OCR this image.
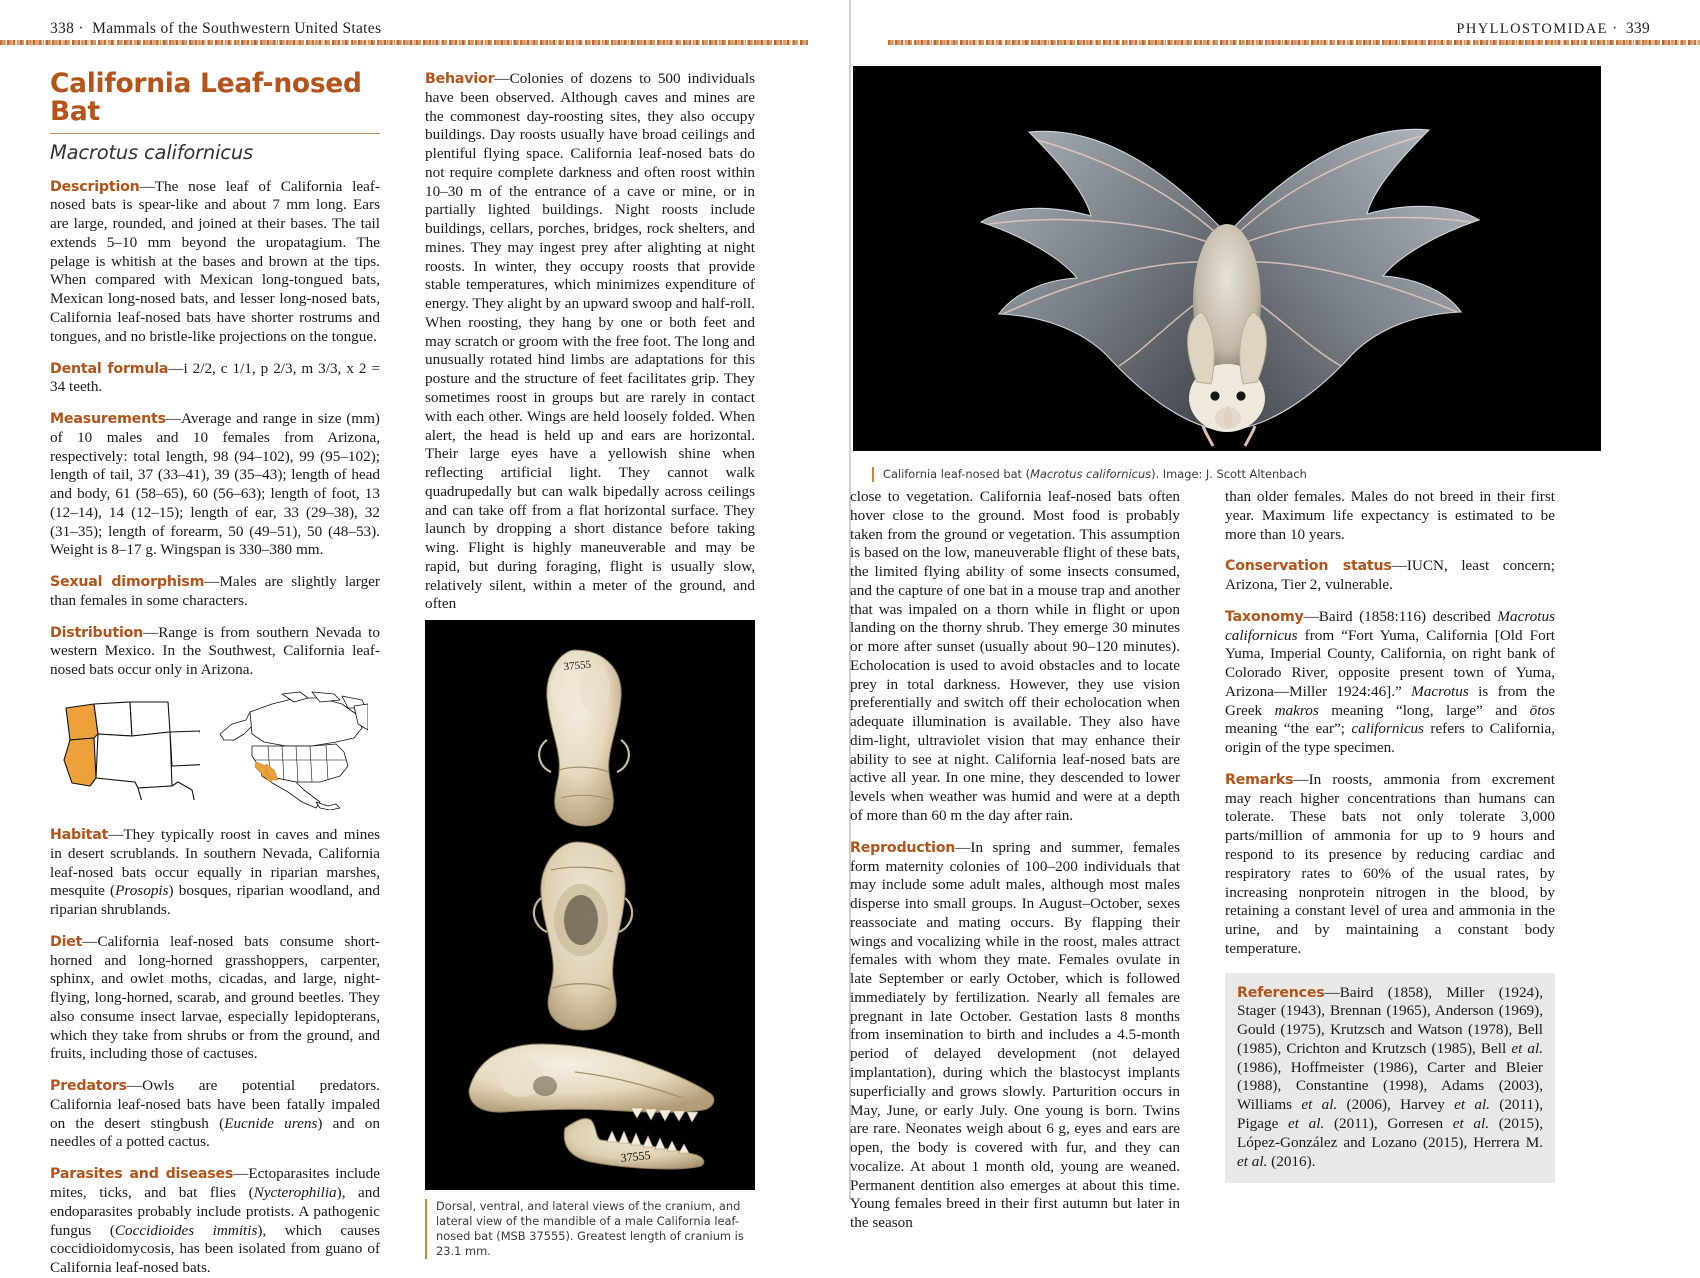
338 · Mammals of the Southwestern United States
California Leaf-nosed Bat
Macrotus californicus

Description—The nose leaf of California leaf-nosed bats is spear-like and about 7 mm long. Ears are large, rounded, and joined at their bases. The tail extends 5–10 mm beyond the uropatagium. The pelage is whitish at the bases and brown at the tips. When compared with Mexican long-tongued bats, Mexican long-nosed bats, and lesser long-nosed bats, California leaf-nosed bats have shorter rostrums and tongues, and no bristle-like projections on the tongue.

Dental formula—i 2/2, c 1/1, p 2/3, m 3/3, x 2 = 34 teeth.

Measurements—Average and range in size (mm) of 10 males and 10 females from Arizona, respectively: total length, 98 (94–102), 99 (95–102); length of tail, 37 (33–41), 39 (35–43); length of head and body, 61 (58–65), 60 (56–63); length of foot, 13 (12–14), 14 (12–15); length of ear, 33 (29–38), 32 (31–35); length of forearm, 50 (49–51), 50 (48–53). Weight is 8–17 g. Wingspan is 330–380 mm.

Sexual dimorphism—Males are slightly larger than females in some characters.

Distribution—Range is from southern Nevada to western Mexico. In the Southwest, California leaf-nosed bats occur only in Arizona.

Habitat—They typically roost in caves and mines in desert scrublands. In southern Nevada, California leaf-nosed bats occur equally in riparian marshes, mesquite (Prosopis) bosques, riparian woodland, and riparian shrublands.

Diet—California leaf-nosed bats consume short-horned and long-horned grasshoppers, carpenter, sphinx, and owlet moths, cicadas, and large, night-flying, long-horned, scarab, and ground beetles. They also consume insect larvae, especially lepidopterans, which they take from shrubs or from the ground, and fruits, including those of cactuses.

Predators—Owls are potential predators. California leaf-nosed bats have been fatally impaled on the desert stingbush (Eucnide urens) and on needles of a potted cactus.

Parasites and diseases—Ectoparasites include mites, ticks, and bat flies (Nycterophilia), and endoparasites probably include protists. A pathogenic fungus (Coccidioides immitis), which causes coccidioidomycosis, has been isolated from guano of California leaf-nosed bats.

Behavior—Colonies of dozens to 500 individuals have been observed. Although caves and mines are the commonest day-roosting sites, they also occupy buildings. Day roosts usually have broad ceilings and plentiful flying space. California leaf-nosed bats do not require complete darkness and often roost within 10–30 m of the entrance of a cave or mine, or in partially lighted buildings. Night roosts include buildings, cellars, porches, bridges, rock shelters, and mines. They may ingest prey after alighting at night roosts. In winter, they occupy roosts that provide stable temperatures, which minimizes expenditure of energy. They alight by an upward swoop and half-roll. When roosting, they hang by one or both feet and may scratch or groom with the free foot. The long and unusually rotated hind limbs are adaptations for this posture and the structure of feet facilitates grip. They sometimes roost in groups but are rarely in contact with each other. Wings are held loosely folded. When alert, the head is held up and ears are horizontal. Their large eyes have a yellowish shine when reflecting artificial light. They cannot walk quadrupedally but can walk bipedally across ceilings and can take off from a flat horizontal surface. They launch by dropping a short distance before taking wing. Flight is highly maneuverable and may be rapid, but during foraging, flight is usually slow, relatively silent, within a meter of the ground, and often

37555
37555
Dorsal, ventral, and lateral views of the cranium, and lateral view of the mandible of a male California leaf-nosed bat (MSB 37555). Greatest length of cranium is 23.1 mm.
PHYLLOSTOMIDAE · 339
California leaf-nosed bat (Macrotus californicus). Image: J. Scott Altenbach

close to vegetation. California leaf-nosed bats often hover close to the ground. Most food is probably taken from the ground or vegetation. This assumption is based on the low, maneuverable flight of these bats, the limited flying ability of some insects consumed, and the capture of one bat in a mouse trap and another that was impaled on a thorn while in flight or upon landing on the thorny shrub. They emerge 30 minutes or more after sunset (usually about 90–120 minutes). Echolocation is used to avoid obstacles and to locate prey in total darkness. However, they use vision preferentially and switch off their echolocation when adequate illumination is available. They also have dim-light, ultraviolet vision that may enhance their ability to see at night. California leaf-nosed bats are active all year. In one mine, they descended to lower levels when weather was humid and were at a depth of more than 60 m the day after rain.

Reproduction—In spring and summer, females form maternity colonies of 100–200 individuals that may include some adult males, although most males disperse into small groups. In August–October, sexes reassociate and mating occurs. By flapping their wings and vocalizing while in the roost, males attract females with whom they mate. Females ovulate in late September or early October, which is followed immediately by fertilization. Nearly all females are pregnant in late October. Gestation lasts 8 months from insemination to birth and includes a 4.5-month period of delayed development (not delayed implantation), during which the blastocyst implants superficially and grows slowly. Parturition occurs in May, June, or early July. One young is born. Twins are rare. Neonates weigh about 6 g, eyes and ears are open, the body is covered with fur, and they can vocalize. At about 1 month old, young are weaned. Permanent dentition also emerges at about this time. Young females breed in their first autumn but later in the season

than older females. Males do not breed in their first year. Maximum life expectancy is estimated to be more than 10 years.

Conservation status—IUCN, least concern; Arizona, Tier 2, vulnerable.

Taxonomy—Baird (1858:116) described Macrotus californicus from “Fort Yuma, California [Old Fort Yuma, Imperial County, California, on right bank of Colorado River, opposite present town of Yuma, Arizona—Miller 1924:46].” Macrotus is from the Greek makros meaning “long, large” and ōtos meaning “the ear”; californicus refers to California, origin of the type specimen.

Remarks—In roosts, ammonia from excrement may reach higher concentrations than humans can tolerate. These bats not only tolerate 3,000 parts/million of ammonia for up to 9 hours and respond to its presence by reducing cardiac and respiratory rates to 60% of the usual rates, by increasing nonprotein nitrogen in the blood, by retaining a constant level of urea and ammonia in the urine, and by maintaining a constant body temperature.

References—Baird (1858), Miller (1924), Stager (1943), Brennan (1965), Anderson (1969), Gould (1975), Krutzsch and Watson (1978), Bell (1985), Crichton and Krutzsch (1985), Bell et al. (1986), Hoffmeister (1986), Carter and Bleier (1988), Constantine (1998), Adams (2003), Williams et al. (2006), Harvey et al. (2011), Pigage et al. (2011), Gorresen et al. (2015), López-González and Lozano (2015), Herrera M. et al. (2016).
